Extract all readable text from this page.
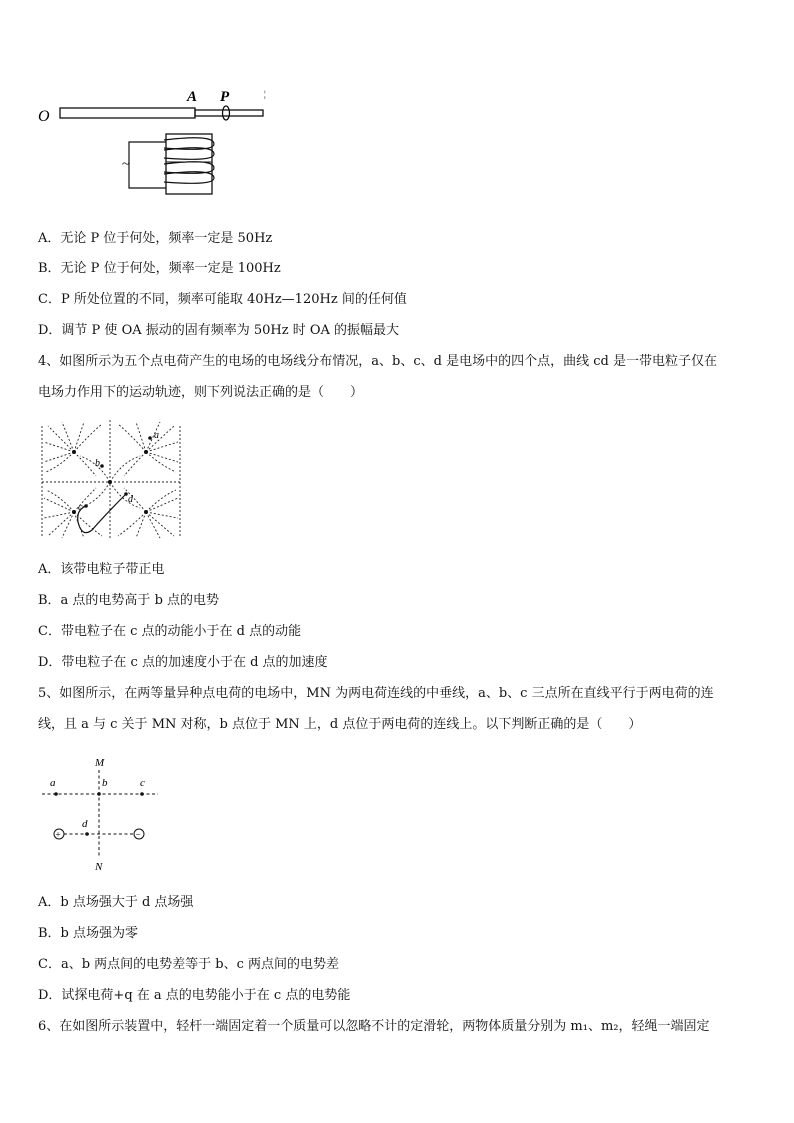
O
A P	¦
~
A．无论 P 位于何处，频率一定是 50Hz
B．无论 P 位于何处，频率一定是 100Hz
C．P 所处位置的不同，频率可能取 40Hz—120Hz 间的任何值
D．调节 P 使 OA 振动的固有频率为 50Hz 时 OA 的振幅最大
4、如图所示为五个点电荷产生的电场的电场线分布情况，a、b、c、d 是电场中的四个点，曲线 cd 是一带电粒子仅在
电场力作用下的运动轨迹，则下列说法正确的是（　　）
a
b
c
d
A．该带电粒子带正电
B．a 点的电势高于 b 点的电势
C．带电粒子在 c 点的动能小于在 d 点的动能
D．带电粒子在 c 点的加速度小于在 d 点的加速度
5、如图所示，在两等量异种点电荷的电场中，MN 为两电荷连线的中垂线，a、b、c 三点所在直线平行于两电荷的连
线，且 a 与 c 关于 MN 对称，b 点位于 MN 上，d 点位于两电荷的连线上。以下判断正确的是（　　）
M
N
a	b	c
d
+	−
A．b 点场强大于 d 点场强
B．b 点场强为零
C．a、b 两点间的电势差等于 b、c 两点间的电势差
D．试探电荷+q 在 a 点的电势能小于在 c 点的电势能
6、在如图所示装置中，轻杆一端固定着一个质量可以忽略不计的定滑轮，两物体质量分别为 m₁、m₂，轻绳一端固定
